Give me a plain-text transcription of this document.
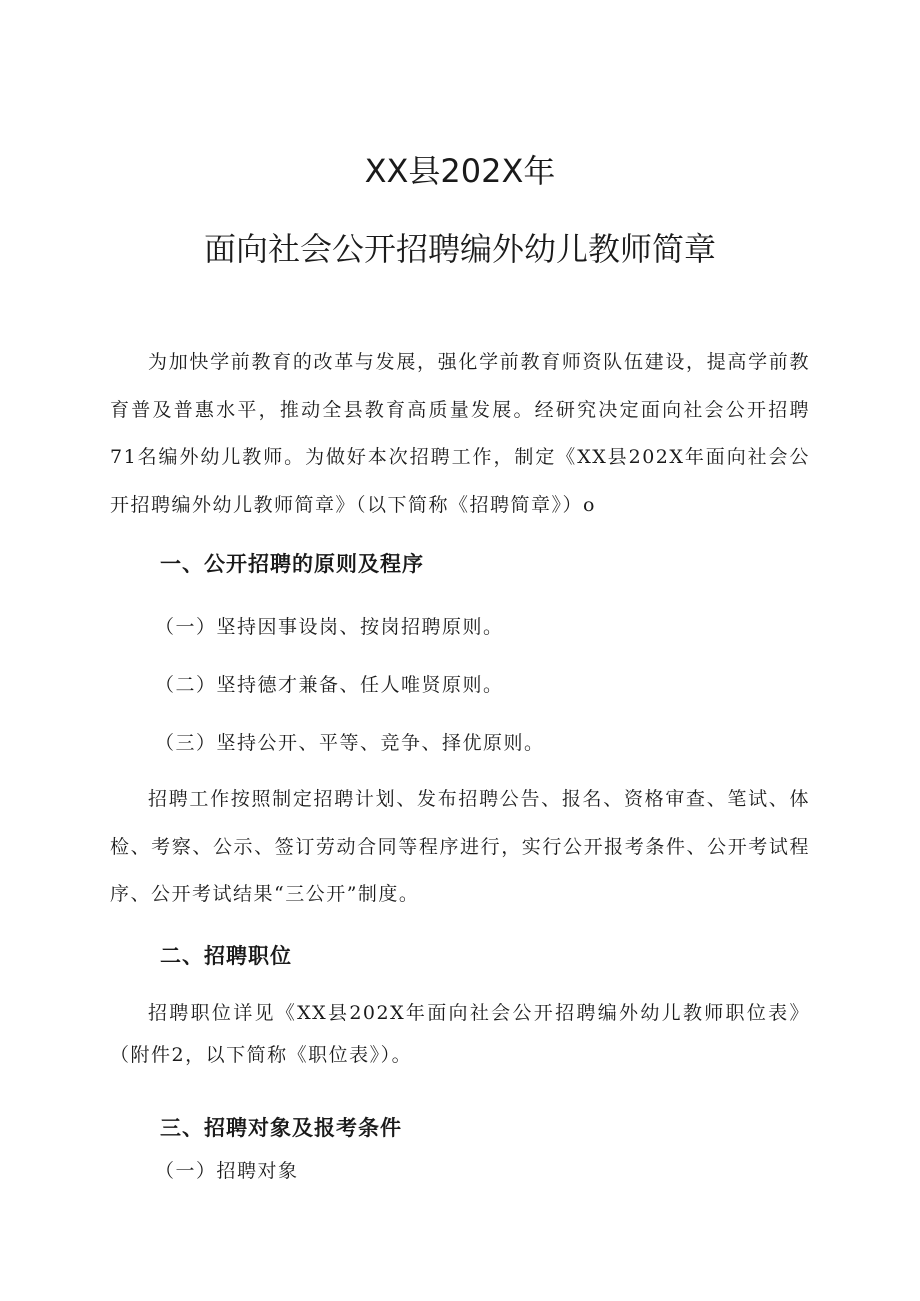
XX县202X年
面向社会公开招聘编外幼儿教师简章

为加快学前教育的改革与发展，强化学前教育师资队伍建设，提高学前教育普及普惠水平，推动全县教育高质量发展。经研究决定面向社会公开招聘71名编外幼儿教师。为做好本次招聘工作，制定《XX县202X年面向社会公开招聘编外幼儿教师简章》（以下简称《招聘简章》）o

一、公开招聘的原则及程序

（一）坚持因事设岗、按岗招聘原则。

（二）坚持德才兼备、任人唯贤原则。

（三）坚持公开、平等、竞争、择优原则。

招聘工作按照制定招聘计划、发布招聘公告、报名、资格审查、笔试、体检、考察、公示、签订劳动合同等程序进行，实行公开报考条件、公开考试程序、公开考试结果“三公开”制度。

二、招聘职位

招聘职位详见《XX县202X年面向社会公开招聘编外幼儿教师职位表》（附件2，以下简称《职位表》）。

三、招聘对象及报考条件

（一）招聘对象
